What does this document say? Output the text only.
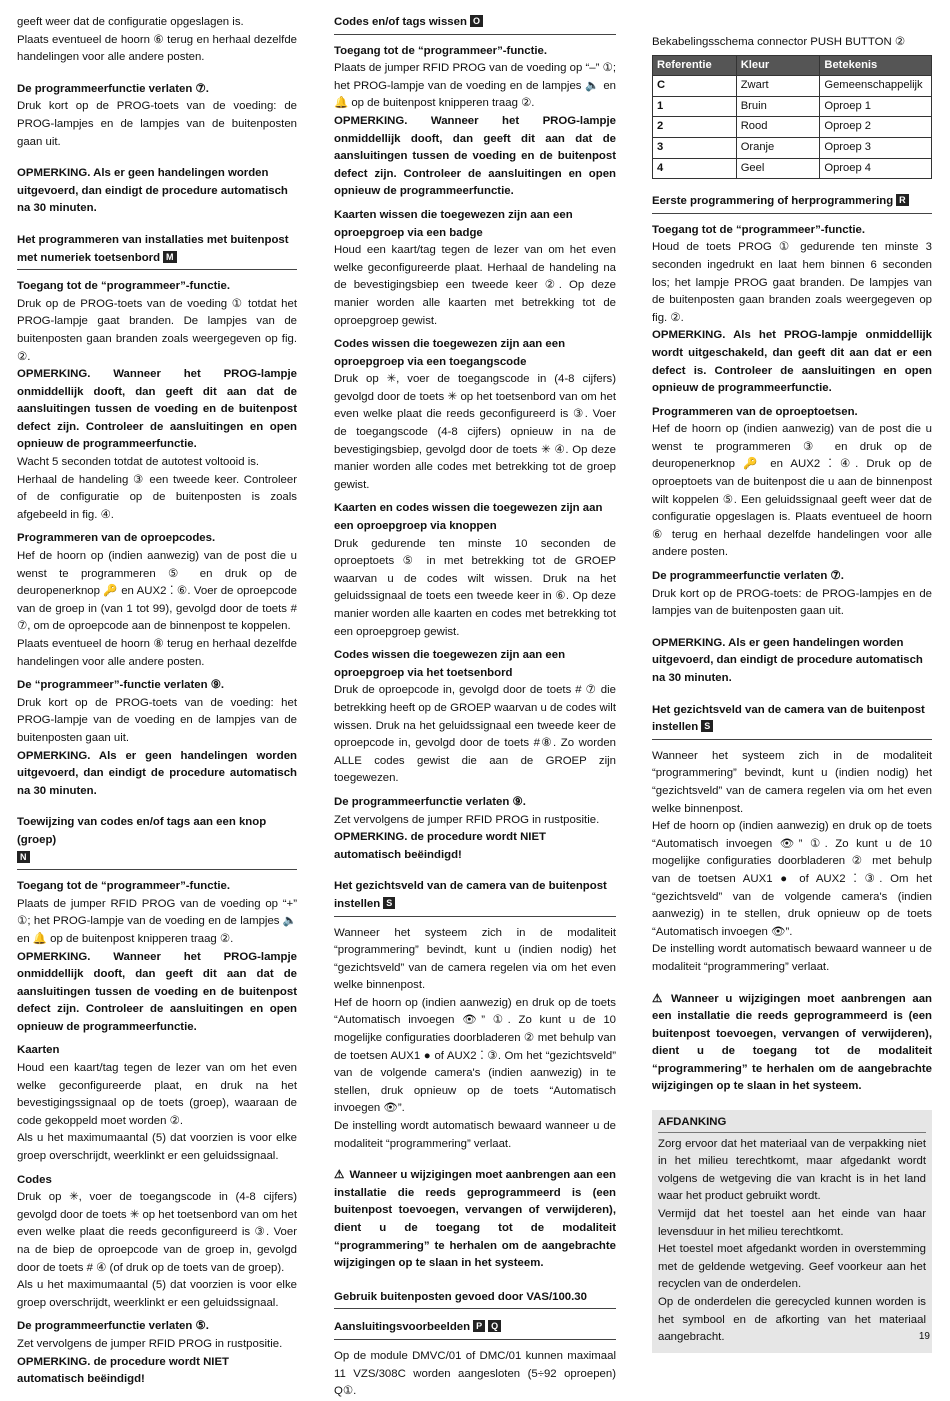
geeft weer dat de configuratie opgeslagen is.

Plaats eventueel de hoorn ⑥ terug en herhaal dezelfde handelingen voor alle andere posten.

De programmeerfunctie verlaten ⑦.

Druk kort op de PROG-toets van de voeding: de PROG-lampjes en de lampjes van de buitenposten gaan uit.

OPMERKING. Als er geen handelingen worden uitgevoerd, dan eindigt de procedure automatisch na 30 minuten.

Het programmeren van installaties met buitenpost met numeriek toetsenbord M

Toegang tot de “programmeer”-functie.

Druk op de PROG-toets van de voeding ① totdat het PROG-lampje gaat branden. De lampjes van de buitenposten gaan branden zoals weergegeven op fig. ②.

OPMERKING. Wanneer het PROG-lampje onmiddellijk dooft, dan geeft dit aan dat de aansluitingen tussen de voeding en de buitenpost defect zijn. Controleer de aansluitingen en open opnieuw de programmeerfunctie.

Wacht 5 seconden totdat de autotest voltooid is.

Herhaal de handeling ③ een tweede keer. Controleer of de configuratie op de buitenposten is zoals afgebeeld in fig. ④.

Programmeren van de oproepcodes.

Hef de hoorn op (indien aanwezig) van de post die u wenst te programmeren ⑤ en druk op de deuropenerknop 🔑 en AUX2 ⁚ ⑥. Voer de oproepcode van de groep in (van 1 tot 99), gevolgd door de toets # ⑦, om de oproepcode aan de binnenpost te koppelen.

Plaats eventueel de hoorn ⑧ terug en herhaal dezelfde handelingen voor alle andere posten.

De “programmeer”-functie verlaten ⑨.

Druk kort op de PROG-toets van de voeding: het PROG-lampje van de voeding en de lampjes van de buitenposten gaan uit.

OPMERKING. Als er geen handelingen worden uitgevoerd, dan eindigt de procedure automatisch na 30 minuten.

Toewijzing van codes en/of tags aan een knop (groep)
N

Toegang tot de “programmeer”-functie.

Plaats de jumper RFID PROG van de voeding op “+” ①; het PROG-lampje van de voeding en de lampjes 🔈 en 🔔 op de buitenpost knipperen traag ②.

OPMERKING. Wanneer het PROG-lampje onmiddellijk dooft, dan geeft dit aan dat de aansluitingen tussen de voeding en de buitenpost defect zijn. Controleer de aansluitingen en open opnieuw de programmeerfunctie.

Kaarten

Houd een kaart/tag tegen de lezer van om het even welke geconfigureerde plaat, en druk na het bevestigingssignaal op de toets (groep), waaraan de code gekoppeld moet worden ②.

Als u het maximumaantal (5) dat voorzien is voor elke groep overschrijdt, weerklinkt er een geluidssignaal.

Codes

Druk op ✳, voer de toegangscode in (4-8 cijfers) gevolgd door de toets ✳ op het toetsenbord van om het even welke plaat die reeds geconfigureerd is ③. Voer na de biep de oproepcode van de groep in, gevolgd door de toets # ④ (of druk op de toets van de groep).

Als u het maximumaantal (5) dat voorzien is voor elke groep overschrijdt, weerklinkt er een geluidssignaal.

De programmeerfunctie verlaten ⑤.

Zet vervolgens de jumper RFID PROG in rustpositie.

OPMERKING. de procedure wordt NIET automatisch beëindigd!

Codes en/of tags wissen O

Toegang tot de “programmeer”-functie.

Plaats de jumper RFID PROG van de voeding op “–” ①; het PROG-lampje van de voeding en de lampjes 🔈 en 🔔 op de buitenpost knipperen traag ②.

OPMERKING. Wanneer het PROG-lampje onmiddellijk dooft, dan geeft dit aan dat de aansluitingen tussen de voeding en de buitenpost defect zijn. Controleer de aansluitingen en open opnieuw de programmeerfunctie.

Kaarten wissen die toegewezen zijn aan een oproepgroep via een badge

Houd een kaart/tag tegen de lezer van om het even welke geconfigureerde plaat. Herhaal de handeling na de bevestigingsbiep een tweede keer ②. Op deze manier worden alle kaarten met betrekking tot de oproepgroep gewist.

Codes wissen die toegewezen zijn aan een oproepgroep via een toegangscode

Druk op ✳, voer de toegangscode in (4-8 cijfers) gevolgd door de toets ✳ op het toetsenbord van om het even welke plaat die reeds geconfigureerd is ③. Voer de toegangscode (4-8 cijfers) opnieuw in na de bevestigingsbiep, gevolgd door de toets ✳ ④. Op deze manier worden alle codes met betrekking tot de groep gewist.

Kaarten en codes wissen die toegewezen zijn aan een oproepgroep via knoppen

Druk gedurende ten minste 10 seconden de oproeptoets ⑤ in met betrekking tot de GROEP waarvan u de codes wilt wissen. Druk na het geluidssignaal de toets een tweede keer in ⑥. Op deze manier worden alle kaarten en codes met betrekking tot een oproepgroep gewist.

Codes wissen die toegewezen zijn aan een oproepgroep via het toetsenbord

Druk de oproepcode in, gevolgd door de toets # ⑦ die betrekking heeft op de GROEP waarvan u de codes wilt wissen. Druk na het geluidssignaal een tweede keer de oproepcode in, gevolgd door de toets #⑧. Zo worden ALLE codes gewist die aan de GROEP zijn toegewezen.

De programmeerfunctie verlaten ⑨.

Zet vervolgens de jumper RFID PROG in rustpositie.

OPMERKING. de procedure wordt NIET automatisch beëindigd!

Het gezichtsveld van de camera van de buitenpost instellen S

Wanneer het systeem zich in de modaliteit “programmering” bevindt, kunt u (indien nodig) het “gezichtsveld” van de camera regelen via om het even welke binnenpost.

Hef de hoorn op (indien aanwezig) en druk op de toets “Automatisch invoegen 👁” ①. Zo kunt u de 10 mogelijke configuraties doorbladeren ② met behulp van de toetsen AUX1 ● of AUX2 ⁚ ③. Om het “gezichtsveld” van de volgende camera's (indien aanwezig) in te stellen, druk opnieuw op de toets “Automatisch invoegen 👁”.

De instelling wordt automatisch bewaard wanneer u de modaliteit “programmering” verlaat.

⚠ Wanneer u wijzigingen moet aanbrengen aan een installatie die reeds geprogrammeerd is (een buitenpost toevoegen, vervangen of verwijderen), dient u de toegang tot de modaliteit “programmering” te herhalen om de aangebrachte wijzigingen op te slaan in het systeem.

Gebruik buitenposten gevoed door VAS/100.30
Aansluitingsvoorbeelden P Q

Op de module DMVC/01 of DMC/01 kunnen maximaal 11 VZS/308C worden aangesloten (5÷92 oproepen) Q①.

Bekabelingsschema connector PUSH BUTTON ②

Referentie	Kleur	Betekenis
C	Zwart	Gemeenschappelijk
1	Bruin	Oproep 1
2	Rood	Oproep 2
3	Oranje	Oproep 3
4	Geel	Oproep 4
Eerste programmering of herprogrammering R

Toegang tot de “programmeer”-functie.

Houd de toets PROG ① gedurende ten minste 3 seconden ingedrukt en laat hem binnen 6 seconden los; het lampje PROG gaat branden. De lampjes van de buitenposten gaan branden zoals weergegeven op fig. ②.

OPMERKING. Als het PROG-lampje onmiddellijk wordt uitgeschakeld, dan geeft dit aan dat er een defect is. Controleer de aansluitingen en open opnieuw de programmeerfunctie.

Programmeren van de oproeptoetsen.

Hef de hoorn op (indien aanwezig) van de post die u wenst te programmeren ③ en druk op de deuropenerknop 🔑 en AUX2 ⁚ ④. Druk op de oproeptoets van de buitenpost die u aan de binnenpost wilt koppelen ⑤. Een geluidssignaal geeft weer dat de configuratie opgeslagen is. Plaats eventueel de hoorn ⑥ terug en herhaal dezelfde handelingen voor alle andere posten.

De programmeerfunctie verlaten ⑦.

Druk kort op de PROG-toets: de PROG-lampjes en de lampjes van de buitenposten gaan uit.

OPMERKING. Als er geen handelingen worden uitgevoerd, dan eindigt de procedure automatisch na 30 minuten.

Het gezichtsveld van de camera van de buitenpost instellen S

Wanneer het systeem zich in de modaliteit “programmering” bevindt, kunt u (indien nodig) het “gezichtsveld” van de camera regelen via om het even welke binnenpost.

Hef de hoorn op (indien aanwezig) en druk op de toets “Automatisch invoegen 👁” ①. Zo kunt u de 10 mogelijke configuraties doorbladeren ② met behulp van de toetsen AUX1 ● of AUX2 ⁚ ③. Om het “gezichtsveld” van de volgende camera's (indien aanwezig) in te stellen, druk opnieuw op de toets “Automatisch invoegen 👁”.

De instelling wordt automatisch bewaard wanneer u de modaliteit “programmering” verlaat.

⚠ Wanneer u wijzigingen moet aanbrengen aan een installatie die reeds geprogrammeerd is (een buitenpost toevoegen, vervangen of verwijderen), dient u de toegang tot de modaliteit “programmering” te herhalen om de aangebrachte wijzigingen op te slaan in het systeem.

AFDANKING

Zorg ervoor dat het materiaal van de verpakking niet in het milieu terechtkomt, maar afgedankt wordt volgens de wetgeving die van kracht is in het land waar het product gebruikt wordt.

Vermijd dat het toestel aan het einde van haar levensduur in het milieu terechtkomt.

Het toestel moet afgedankt worden in overstemming met de geldende wetgeving. Geef voorkeur aan het recyclen van de onderdelen.

Op de onderdelen die gerecycled kunnen worden is het symbool en de afkorting van het materiaal aangebracht.	19
